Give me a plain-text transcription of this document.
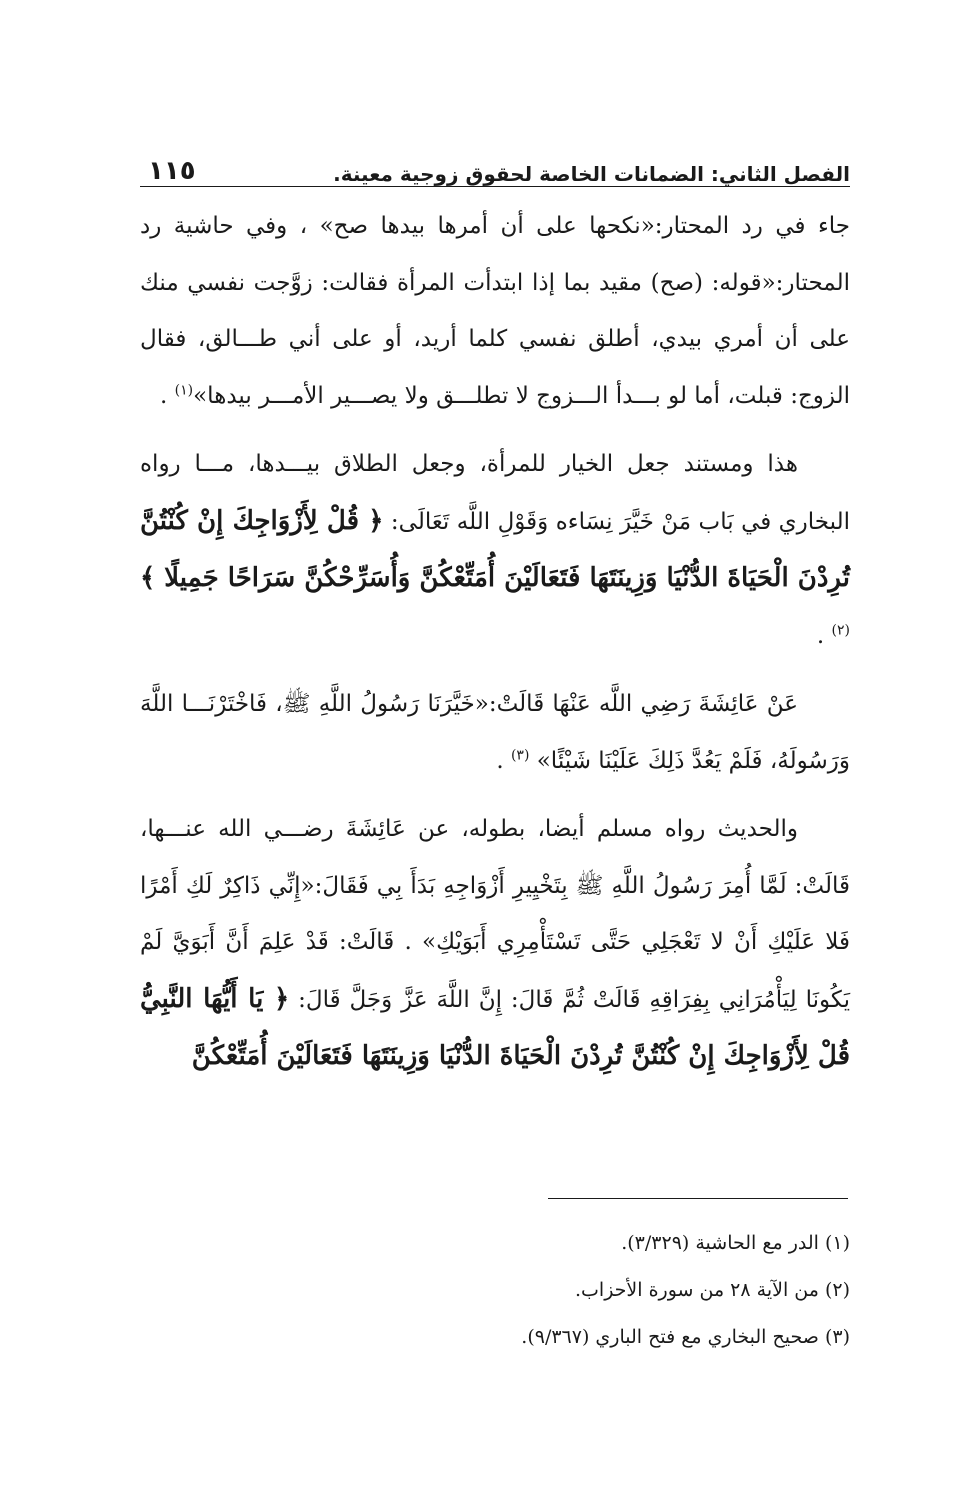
١١٥	الفصل الثاني: الضمانات الخاصة لحقوق زوجية معينة.

جاء في رد المحتار:«نكحها على أن أمرها بيدها صح» ، وفي حاشية رد المحتار:«قوله: (صح) مقيد بما إذا ابتدأت المرأة فقالت: زوَّجت نفسي منك على أن أمري بيدي، أطلق نفسي كلما أريد، أو على أني طـــالق، فقال الزوج: قبلت، أما لو بـــدأ الـــزوج لا تطلـــق ولا يصـــير الأمـــر بيدها»$^{(١)}$ .

هذا ومستند جعل الخيار للمرأة، وجعل الطلاق بيـــدها، مـــا رواه البخاري في بَاب مَنْ خَيَّرَ نِسَاءه وَقَوْلِ اللَّه تَعَالَى: ﴿ قُلْ لِأَزْوَاجِكَ إِنْ كُنْتُنَّ تُرِدْنَ الْحَيَاةَ الدُّنْيَا وَزِينَتَهَا فَتَعَالَيْنَ أُمَتِّعْكُنَّ وَأُسَرِّحْكُنَّ سَرَاحًا جَمِيلًا ﴾ $^{(٢)}$ .

عَنْ عَائِشَةَ رَضِي اللَّه عَنْهَا قَالَتْ:«خَيَّرَنَا رَسُولُ اللَّهِ ﷺ، فَاخْتَرْنَـــا اللَّهَ وَرَسُولَهُ، فَلَمْ يَعُدَّ ذَلِكَ عَلَيْنَا شَيْئًا» $^{(٣)}$ .

والحديث رواه مسلم أيضا، بطوله، عن عَائِشَةَ رضـــي الله عنـــها، قَالَتْ: لَمَّا أُمِرَ رَسُولُ اللَّهِ ﷺ بِتَخْيِيرِ أَزْوَاجِهِ بَدَأَ بِي فَقَالَ:«إِنِّي ذَاكِرٌ لَكِ أَمْرًا فَلا عَلَيْكِ أَنْ لا تَعْجَلِي حَتَّى تَسْتَأْمِرِي أَبَوَيْكِ» . قَالَتْ: قَدْ عَلِمَ أَنَّ أَبَوَيَّ لَمْ يَكُونَا لِيَأْمُرَانِي بِفِرَاقِهِ قَالَتْ ثُمَّ قَالَ: إِنَّ اللَّهَ عَزَّ وَجَلَّ قَالَ: ﴿ يَا أَيُّهَا النَّبِيُّ قُلْ لِأَزْوَاجِكَ إِنْ كُنْتُنَّ تُرِدْنَ الْحَيَاةَ الدُّنْيَا وَزِينَتَهَا فَتَعَالَيْنَ أُمَتِّعْكُنَّ

(١) الدر مع الحاشية (٣/٣٢٩).

(٢) من الآية ٢٨ من سورة الأحزاب.

(٣) صحيح البخاري مع فتح الباري (٩/٣٦٧).
